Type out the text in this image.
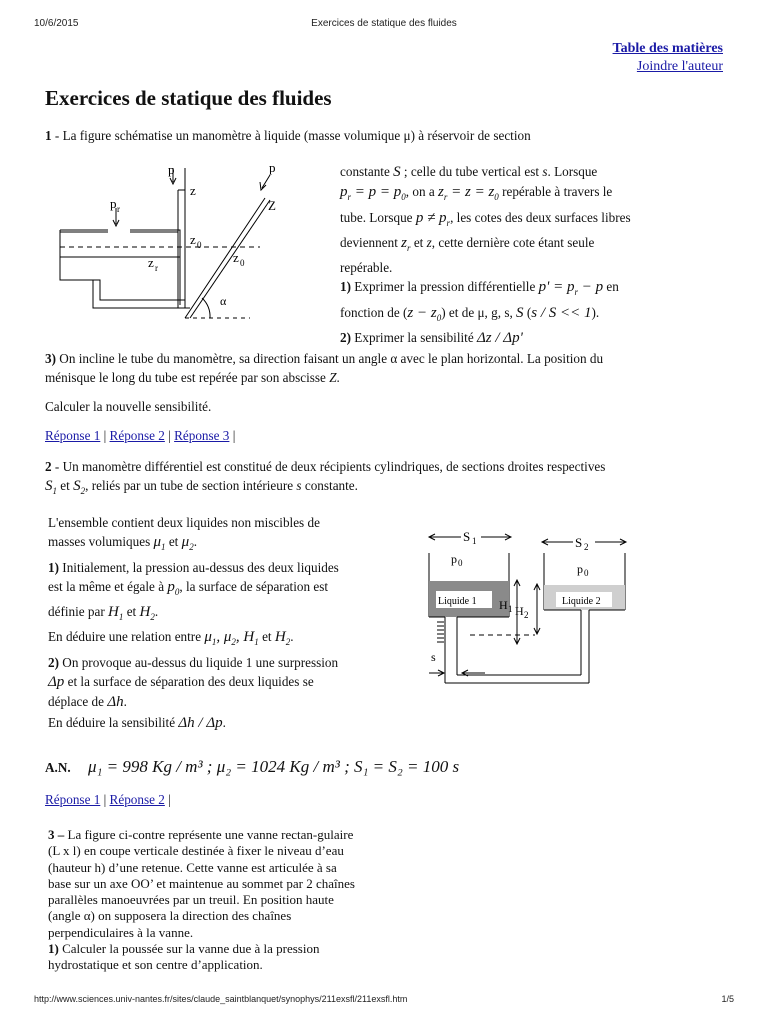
10/6/2015	Exercices de statique des fluides
Table des matières
Joindre l'auteur
Exercices de statique des fluides

1 - La figure schématise un manomètre à liquide (masse volumique μ) à réservoir de section

p	p
p r
z
Z
z 0
z r
z 0
α
constante S ; celle du tube vertical est s. Lorsque
$p_r = p = p_0$, on a $z_r = z = z_0$ repérable à travers le
tube. Lorsque $p \ne p_r$, les cotes des deux surfaces libres
deviennent $z_r$ et z, cette dernière cote étant seule
repérable.
1) Exprimer la pression différentielle $p' = p_r - p$ en
fonction de $(z - z_0)$ et de μ, g, s, S (s / S << 1).
2) Exprimer la sensibilité Δz / Δp'

3) On incline le tube du manomètre, sa direction faisant un angle α avec le plan horizontal. La position du
ménisque le long du tube est repérée par son abscisse Z.

Calculer la nouvelle sensibilité.

Réponse 1 | Réponse 2 | Réponse 3 |

2 - Un manomètre différentiel est constitué de deux récipients cylindriques, de sections droites respectives
$S_1$ et $S_2$, reliés par un tube de section intérieure s constante.

L'ensemble contient deux liquides non miscibles de
masses volumiques $\mu_1$ et $\mu_2$.
1) Initialement, la pression au-dessus des deux liquides
est la même et égale à $p_0$, la surface de séparation est
définie par $H_1$ et $H_2$.
En déduire une relation entre $\mu_1$, $\mu_2$, $H_1$ et $H_2$.
2) On provoque au-dessus du liquide 1 une surpression
Δp et la surface de séparation des deux liquides se
déplace de Δh.
En déduire la sensibilité Δh / Δp.
S 1	S 2
p 0
Liquide 1
p 0
Liquide 2
H 1 H 2
s
A.N. μ₁ = 998 Kg / m³ ; μ₂ = 1024 Kg / m³ ; S₁ = S₂ = 100 s

Réponse 1 | Réponse 2 |

3 – La figure ci-contre représente une vanne rectan-gulaire
(L x l) en coupe verticale destinée à fixer le niveau d’eau
(hauteur h) d’une retenue. Cette vanne est articulée à sa
base sur un axe OO’ et maintenue au sommet par 2 chaînes
parallèles manoeuvrées par un treuil. En position haute
(angle α) on supposera la direction des chaînes
perpendiculaires à la vanne.
1) Calculer la poussée sur la vanne due à la pression
hydrostatique et son centre d’application.
http://www.sciences.univ-nantes.fr/sites/claude_saintblanquet/synophys/211exsfl/211exsfl.htm	1/5
